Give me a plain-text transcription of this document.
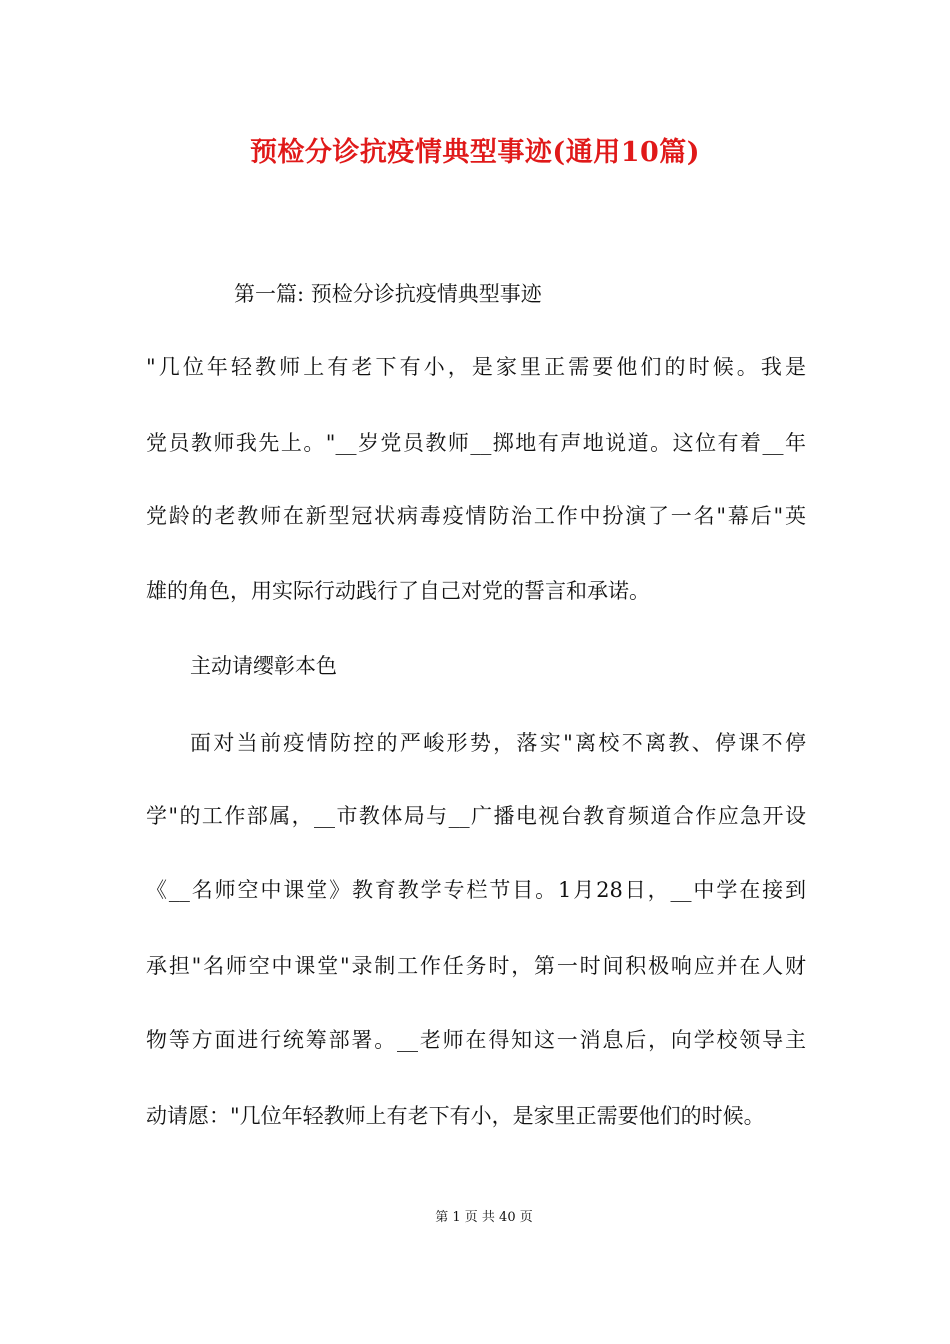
预检分诊抗疫情典型事迹(通用10篇)
第一篇: 预检分诊抗疫情典型事迹
"几位年轻教师上有老下有小，是家里正需要他们的时候。我是
党员教师我先上。"__岁党员教师__掷地有声地说道。这位有着__年
党龄的老教师在新型冠状病毒疫情防治工作中扮演了一名"幕后"英
雄的角色，用实际行动践行了自己对党的誓言和承诺。
主动请缨彰本色
面对当前疫情防控的严峻形势，落实"离校不离教、停课不停
学"的工作部属，__市教体局与__广播电视台教育频道合作应急开设
《__名师空中课堂》教育教学专栏节目。1月28日，__中学在接到
承担"名师空中课堂"录制工作任务时，第一时间积极响应并在人财
物等方面进行统筹部署。__老师在得知这一消息后，向学校领导主
动请愿："几位年轻教师上有老下有小，是家里正需要他们的时候。
第 1 页 共 40 页
